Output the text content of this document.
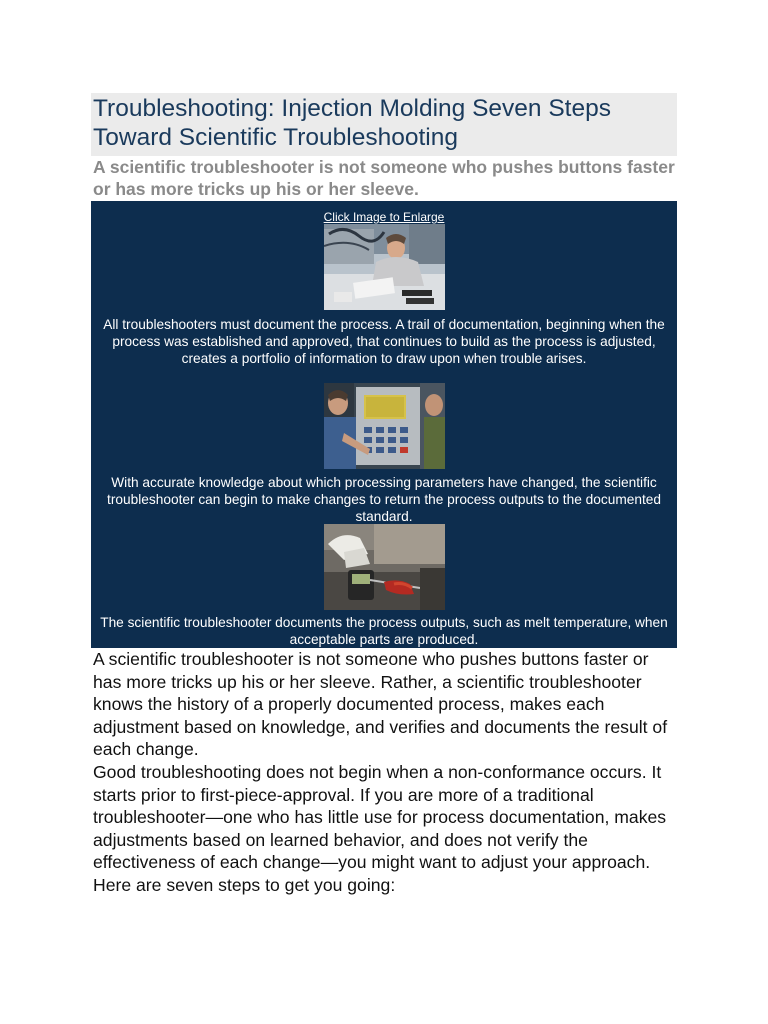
Troubleshooting: Injection Molding Seven Steps Toward Scientific Troubleshooting

A scientific troubleshooter is not someone who pushes buttons faster or has more tricks up his or her sleeve.

Click Image to Enlarge
All troubleshooters must document the process. A trail of documentation, beginning when the process was established and approved, that continues to build as the process is adjusted, creates a portfolio of information to draw upon when trouble arises.
With accurate knowledge about which processing parameters have changed, the scientific troubleshooter can begin to make changes to return the process outputs to the documented standard.
The scientific troubleshooter documents the process outputs, such as melt temperature, when acceptable parts are produced.

A scientific troubleshooter is not someone who pushes buttons faster or has more tricks up his or her sleeve. Rather, a scientific troubleshooter knows the history of a properly documented process, makes each adjustment based on knowledge, and verifies and documents the result of each change.

Good troubleshooting does not begin when a non-conformance occurs. It starts prior to first-piece-approval. If you are more of a traditional troubleshooter—one who has little use for process documentation, makes adjustments based on learned behavior, and does not verify the effectiveness of each change—you might want to adjust your approach. Here are seven steps to get you going:
